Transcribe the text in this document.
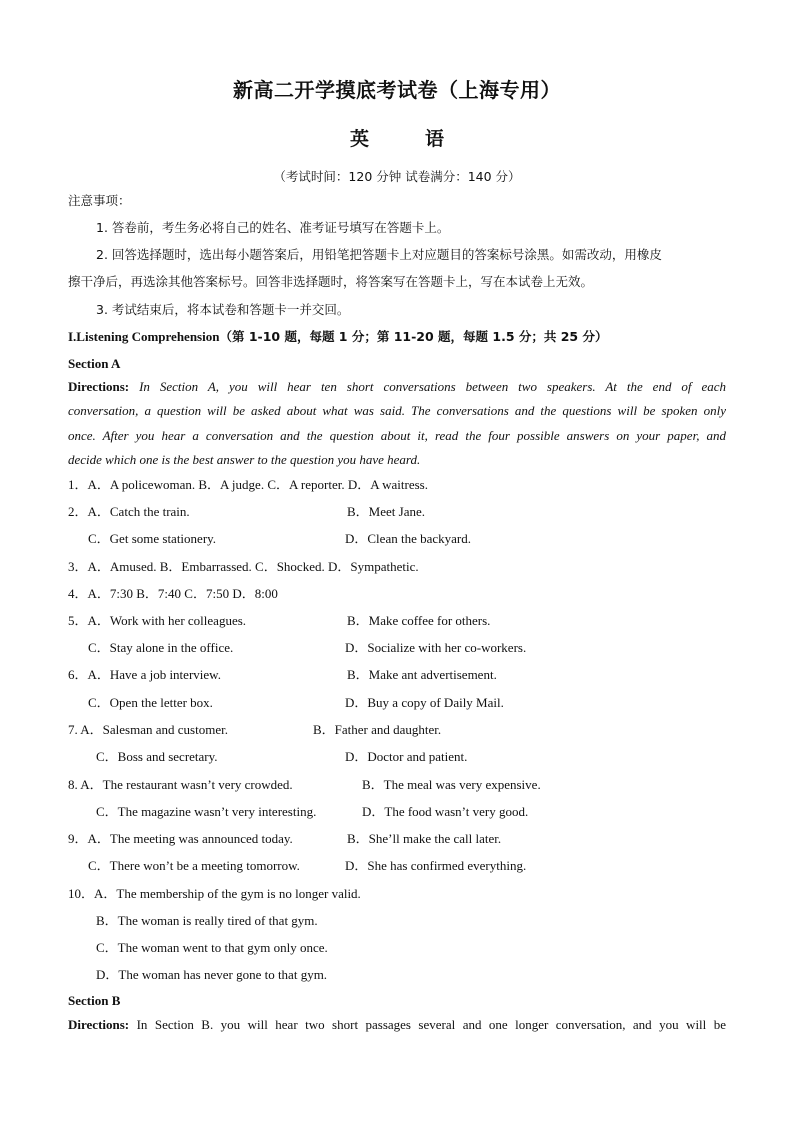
新高二开学摸底考试卷（上海专用）
英	语
（考试时间：120 分钟 试卷满分：140 分）
注意事项：
1. 答卷前，考生务必将自己的姓名、准考证号填写在答题卡上。
2. 回答选择题时，选出每小题答案后，用铅笔把答题卡上对应题目的答案标号涂黑。如需改动，用橡皮
擦干净后，再选涂其他答案标号。回答非选择题时，将答案写在答题卡上，写在本试卷上无效。
3. 考试结束后，将本试卷和答题卡一并交回。
I.Listening Comprehension（第 1-10 题，每题 1 分；第 11-20 题，每题 1.5 分；共 25 分）
Section A
Directions: In Section A, you will hear ten short conversations between two speakers. At the end of each
conversation, a question will be asked about what was said. The conversations and the questions will be spoken only
once. After you hear a conversation and the question about it, read the four possible answers on your paper, and
decide which one is the best answer to the question you have heard.
1．A．A policewoman. B．A judge. C．A reporter. D．A waitress.
2．A．Catch the train.	B．Meet Jane.
C．Get some stationery.	D．Clean the backyard.
3．A．Amused. B．Embarrassed. C．Shocked. D．Sympathetic.
4．A．7:30 B．7:40 C．7:50 D．8:00
5．A．Work with her colleagues.	B．Make coffee for others.
C．Stay alone in the office.	D．Socialize with her co-workers.
6．A．Have a job interview.	B．Make ant advertisement.
C．Open the letter box.	D．Buy a copy of Daily Mail.
7. A．Salesman and customer.	B．Father and daughter.
C．Boss and secretary.	D．Doctor and patient.
8. A．The restaurant wasn’t very crowded.	B．The meal was very expensive.
C．The magazine wasn’t very interesting.	D．The food wasn’t very good.
9．A．The meeting was announced today.	B．She’ll make the call later.
C．There won’t be a meeting tomorrow.	D．She has confirmed everything.
10．A．The membership of the gym is no longer valid.
B．The woman is really tired of that gym.
C．The woman went to that gym only once.
D．The woman has never gone to that gym.
Section B
Directions: In Section B. you will hear two short passages several and one longer conversation, and you will be
